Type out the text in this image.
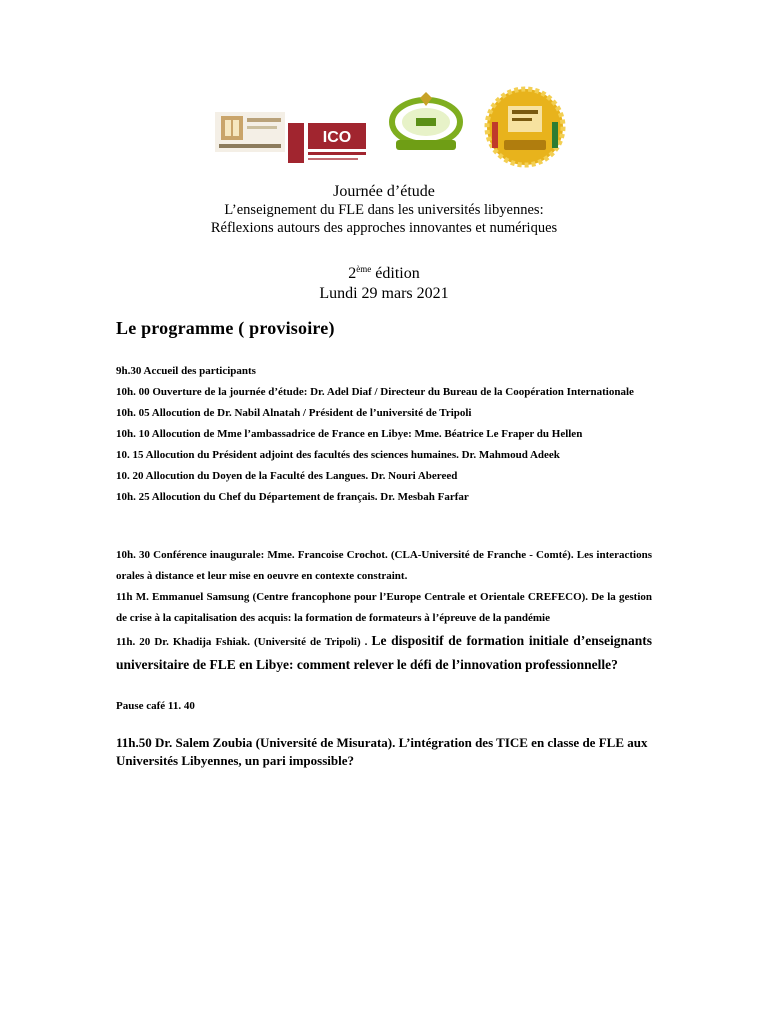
ICO
Journée d’étude
L’enseignement du FLE dans les universités libyennes:
Réflexions autours des approches innovantes et numériques
2ème édition
Lundi 29 mars 2021
Le programme ( provisoire)
9h.30 Accueil des participants
10h. 00 Ouverture de la journée d’étude: Dr. Adel Diaf / Directeur du Bureau de la Coopération Internationale
10h. 05 Allocution de Dr. Nabil Alnatah / Président de l’université de Tripoli
10h. 10 Allocution de Mme l’ambassadrice de France en Libye: Mme. Béatrice Le Fraper du Hellen
10. 15 Allocution du Président adjoint des facultés des sciences humaines. Dr. Mahmoud Adeek
10. 20 Allocution du Doyen de la Faculté des Langues. Dr. Nouri Abereed
10h. 25 Allocution du Chef du Département de français. Dr. Mesbah Farfar
10h. 30 Conférence inaugurale: Mme. Francoise Crochot. (CLA-Université de Franche - Comté). Les interactions orales à distance et leur mise en oeuvre en contexte constraint.
11h M. Emmanuel Samsung (Centre francophone pour l’Europe Centrale et Orientale CREFECO). De la gestion de crise à la capitalisation des acquis: la formation de formateurs à l’épreuve de la pandémie
11h. 20 Dr. Khadija Fshiak. (Université de Tripoli) . Le dispositif de formation initiale d’enseignants universitaire de FLE en Libye: comment relever le défi de l’innovation professionnelle?
Pause café 11. 40
11h.50 Dr. Salem Zoubia (Université de Misurata). L’intégration des TICE en classe de FLE aux Universités Libyennes, un pari impossible?
